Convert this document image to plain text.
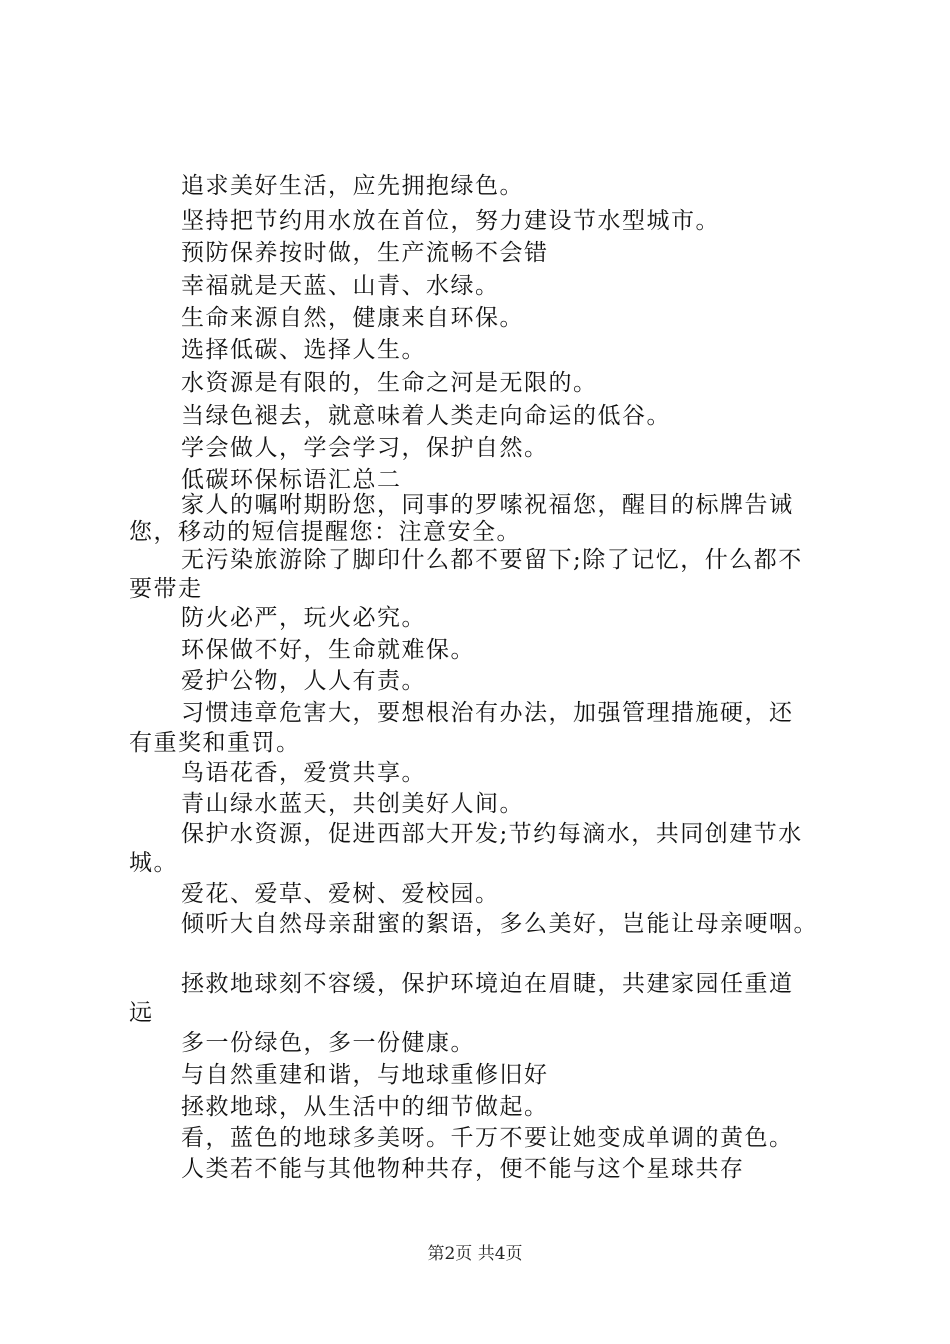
追求美好生活，应先拥抱绿色。
坚持把节约用水放在首位，努力建设节水型城市。
预防保养按时做，生产流畅不会错
幸福就是天蓝、山青、水绿。
生命来源自然，健康来自环保。
选择低碳、选择人生。
水资源是有限的，生命之河是无限的。
当绿色褪去，就意味着人类走向命运的低谷。
学会做人，学会学习，保护自然。
低碳环保标语汇总二
家人的嘱咐期盼您，同事的罗嗦祝福您，醒目的标牌告诫
您，移动的短信提醒您：注意安全。
无污染旅游除了脚印什么都不要留下;除了记忆，什么都不
要带走
防火必严，玩火必究。
环保做不好，生命就难保。
爱护公物，人人有责。
习惯违章危害大，要想根治有办法，加强管理措施硬，还
有重奖和重罚。
鸟语花香，爱赏共享。
青山绿水蓝天，共创美好人间。
保护水资源，促进西部大开发;节约每滴水，共同创建节水
城。
爱花、爱草、爱树、爱校园。
倾听大自然母亲甜蜜的絮语，多么美好，岂能让母亲哽咽。
拯救地球刻不容缓，保护环境迫在眉睫，共建家园任重道
远
多一份绿色，多一份健康。
与自然重建和谐，与地球重修旧好
拯救地球，从生活中的细节做起。
看，蓝色的地球多美呀。千万不要让她变成单调的黄色。
人类若不能与其他物种共存，便不能与这个星球共存
第2页 共4页
